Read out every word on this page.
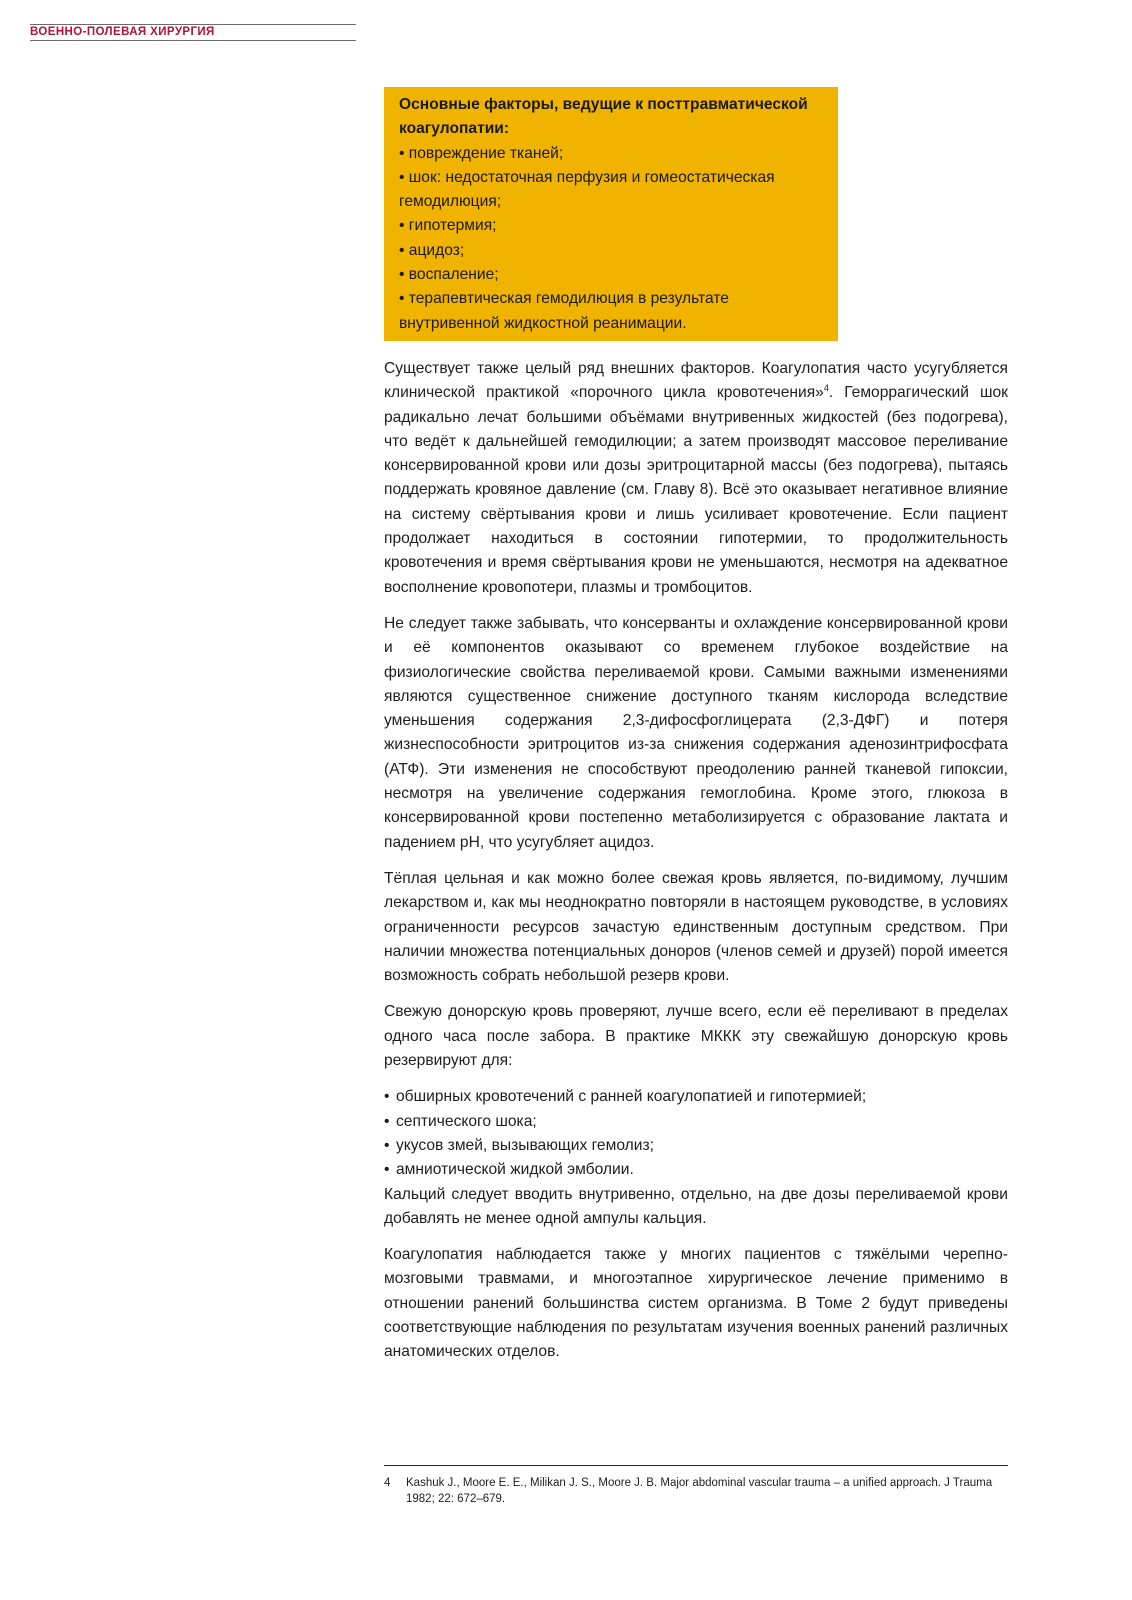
ВОЕННО-ПОЛЕВАЯ ХИРУРГИЯ
Основные факторы, ведущие к посттравматической коагулопатии:
• повреждение тканей;
• шок: недостаточная перфузия и гомеостатическая гемодилюция;
• гипотермия;
• ацидоз;
• воспаление;
• терапевтическая гемодилюция в результате внутривенной жидкостной реанимации.

Существует также целый ряд внешних факторов. Коагулопатия часто усугубляется клинической практикой «порочного цикла кровотечения»$^4$. Геморрагический шок радикально лечат большими объёмами внутривенных жидкостей (без подогрева), что ведёт к дальнейшей гемодилюции; а затем производят массовое переливание консервированной крови или дозы эритроцитарной массы (без подогрева), пытаясь поддержать кровяное давление (см. Главу 8). Всё это оказывает негативное влияние на систему свёртывания крови и лишь усиливает кровотечение. Если пациент продолжает находиться в состоянии гипотермии, то продолжительность кровотечения и время свёртывания крови не уменьшаются, несмотря на адекватное восполнение кровопотери, плазмы и тромбоцитов.

Не следует также забывать, что консерванты и охлаждение консервированной крови и её компонентов оказывают со временем глубокое воздействие на физиологические свойства переливаемой крови. Самыми важными изменениями являются существенное снижение доступного тканям кислорода вследствие уменьшения содержания 2,3-дифосфоглицерата (2,3-ДФГ) и потеря жизнеспособности эритроцитов из-за снижения содержания аденозинтрифосфата (АТФ). Эти изменения не способствуют преодолению ранней тканевой гипоксии, несмотря на увеличение содержания гемоглобина. Кроме этого, глюкоза в консервированной крови постепенно метаболизируется с образование лактата и падением pH, что усугубляет ацидоз.

Тёплая цельная и как можно более свежая кровь является, по-видимому, лучшим лекарством и, как мы неоднократно повторяли в настоящем руководстве, в условиях ограниченности ресурсов зачастую единственным доступным средством. При наличии множества потенциальных доноров (членов семей и друзей) порой имеется возможность собрать небольшой резерв крови.

Свежую донорскую кровь проверяют, лучше всего, если её переливают в пределах одного часа после забора. В практике МККК эту свежайшую донорскую кровь резервируют для:

• обширных кровотечений с ранней коагулопатией и гипотермией;
• септического шока;
• укусов змей, вызывающих гемолиз;
• амниотической жидкой эмболии.

Кальций следует вводить внутривенно, отдельно, на две дозы переливаемой крови добавлять не менее одной ампулы кальция.

Коагулопатия наблюдается также у многих пациентов с тяжёлыми черепно-мозговыми травмами, и многоэтапное хирургическое лечение применимо в отношении ранений большинства систем организма. В Томе 2 будут приведены соответствующие наблюдения по результатам изучения военных ранений различных анатомических отделов.

4	Kashuk J., Moore E. E., Milikan J. S., Moore J. B. Major abdominal vascular trauma – a unified approach. J Trauma 1982; 22: 672–679.
